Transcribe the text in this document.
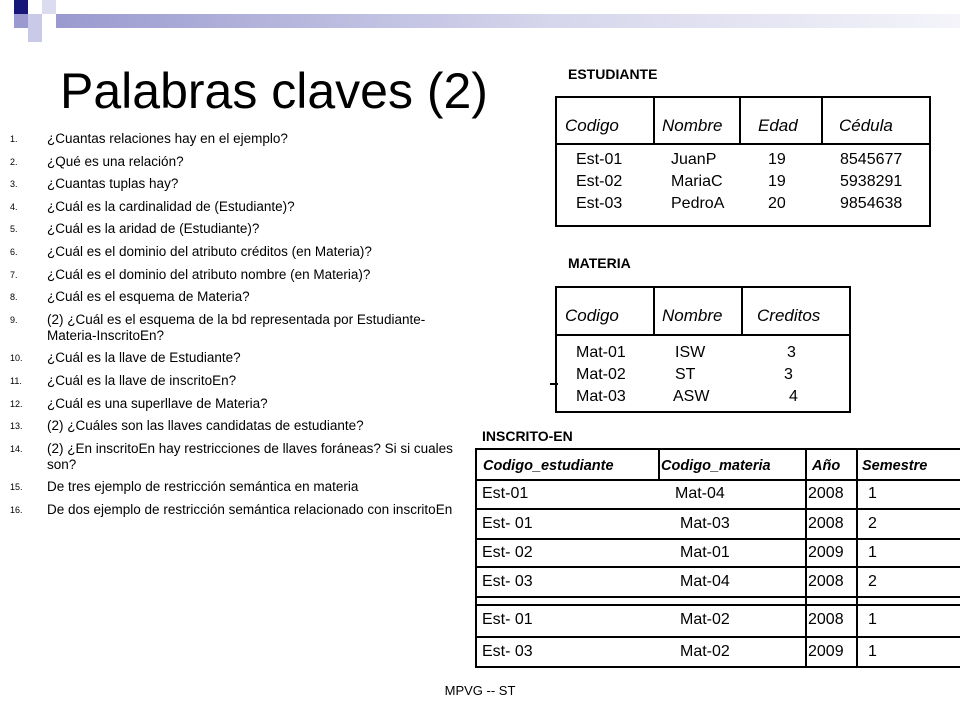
Palabras claves (2)
1.	¿Cuantas relaciones hay en el ejemplo?
2.	¿Qué es una relación?
3.	¿Cuantas tuplas hay?
4.	¿Cuál es la cardinalidad de (Estudiante)?
5.	¿Cuál es la aridad de (Estudiante)?
6.	¿Cuál es el dominio del atributo créditos (en Materia)?
7.	¿Cuál es el dominio del atributo nombre (en Materia)?
8.	¿Cuál es el esquema de Materia?
9.	(2) ¿Cuál es el esquema de la bd representada por Estudiante-Materia-InscritoEn?
10.	¿Cuál es la llave de Estudiante?
11.	¿Cuál es la llave de inscritoEn?
12.	¿Cuál es una superllave de Materia?
13.	(2) ¿Cuáles son las llaves candidatas de estudiante?
14.	(2) ¿En inscritoEn hay restricciones de llaves foráneas? Si si cuales son?
15.	De tres ejemplo de restricción semántica en materia
16.	De dos ejemplo de restricción semántica relacionado con inscritoEn
ESTUDIANTE
Codigo	Nombre Edad Cédula
Est-01	JuanP	19	8545677
Est-02	MariaC	19	5938291
Est-03	PedroA	20	9854638
MATERIA
Codigo	Nombre Creditos
Mat-01	ISW	3
Mat-02	ST	3
Mat-03	ASW	4
INSCRITO-EN
Codigo_estudiante	Codigo_materia	Año Semestre
Est-01	Mat-04	2008 1
Est- 01	Mat-03	2008 2
Est- 02	Mat-01	2009 1
Est- 03	Mat-04	2008 2
Est- 01	Mat-02	2008 1
Est- 03	Mat-02	2009 1
MPVG -- ST
